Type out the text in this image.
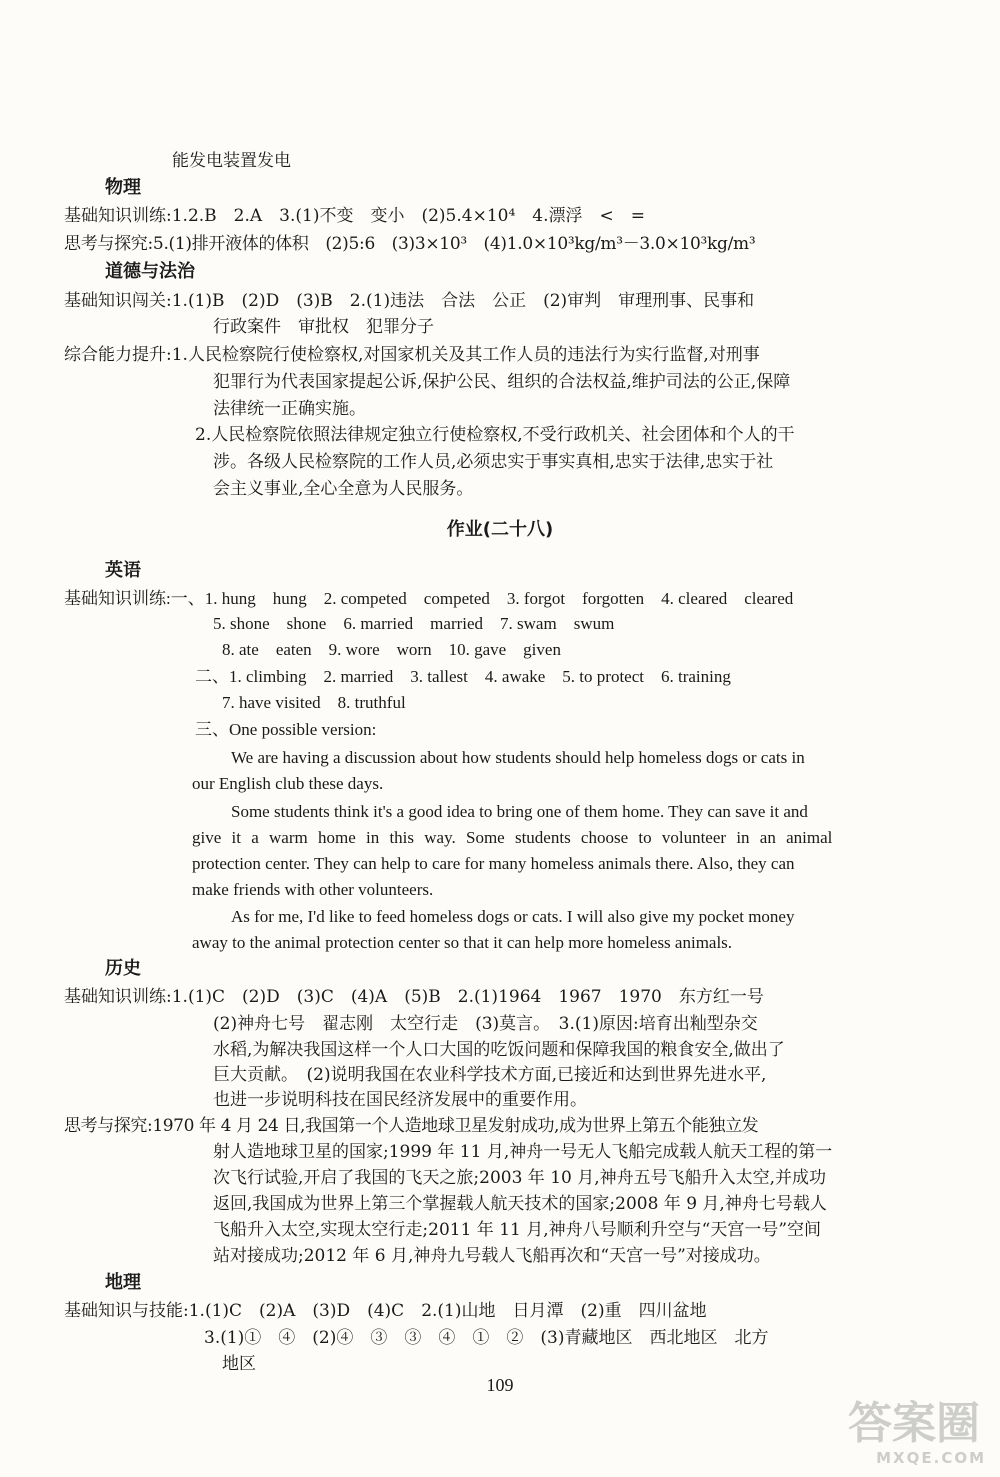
能发电装置发电
物理
基础知识训练:1.2.B　2.A　3.(1)不变　变小　(2)5.4×10⁴　4.漂浮　<　=
思考与探究:5.(1)排开液体的体积　(2)5:6　(3)3×10³　(4)1.0×10³kg/m³－3.0×10³kg/m³
道德与法治
基础知识闯关:1.(1)B　(2)D　(3)B　2.(1)违法　合法　公正　(2)审判　审理刑事、民事和
行政案件　审批权　犯罪分子
综合能力提升:1.人民检察院行使检察权,对国家机关及其工作人员的违法行为实行监督,对刑事
犯罪行为代表国家提起公诉,保护公民、组织的合法权益,维护司法的公正,保障
法律统一正确实施。
2.人民检察院依照法律规定独立行使检察权,不受行政机关、社会团体和个人的干
涉。各级人民检察院的工作人员,必须忠实于事实真相,忠实于法律,忠实于社
会主义事业,全心全意为人民服务。
作业(二十八)
英语
基础知识训练:一、1. hung　hung　2. competed　competed　3. forgot　forgotten　4. cleared　cleared
5. shone　shone　6. married　married　7. swam　swum
8. ate　eaten　9. wore　worn　10. gave　given
二、1. climbing　2. married　3. tallest　4. awake　5. to protect　6. training
7. have visited　8. truthful
三、One possible version:
We are having a discussion about how students should help homeless dogs or cats in
our English club these days.
Some students think it's a good idea to bring one of them home. They can save it and
give it a warm home in this way. Some students choose to volunteer in an animal
protection center. They can help to care for many homeless animals there. Also, they can
make friends with other volunteers.
As for me, I'd like to feed homeless dogs or cats. I will also give my pocket money
away to the animal protection center so that it can help more homeless animals.
历史
基础知识训练:1.(1)C　(2)D　(3)C　(4)A　(5)B　2.(1)1964　1967　1970　东方红一号
(2)神舟七号　翟志刚　太空行走　(3)莫言。　3.(1)原因:培育出籼型杂交
水稻,为解决我国这样一个人口大国的吃饭问题和保障我国的粮食安全,做出了
巨大贡献。　(2)说明我国在农业科学技术方面,已接近和达到世界先进水平,
也进一步说明科技在国民经济发展中的重要作用。
思考与探究:1970 年 4 月 24 日,我国第一个人造地球卫星发射成功,成为世界上第五个能独立发
射人造地球卫星的国家;1999 年 11 月,神舟一号无人飞船完成载人航天工程的第一
次飞行试验,开启了我国的飞天之旅;2003 年 10 月,神舟五号飞船升入太空,并成功
返回,我国成为世界上第三个掌握载人航天技术的国家;2008 年 9 月,神舟七号载人
飞船升入太空,实现太空行走;2011 年 11 月,神舟八号顺利升空与“天宫一号”空间
站对接成功;2012 年 6 月,神舟九号载人飞船再次和“天宫一号”对接成功。
地理
基础知识与技能:1.(1)C　(2)A　(3)D　(4)C　2.(1)山地　日月潭　(2)重　四川盆地
3.(1)①　④　(2)④　③　③　④　①　②　(3)青藏地区　西北地区　北方
地区
109
答案圈
MXQE.COM
